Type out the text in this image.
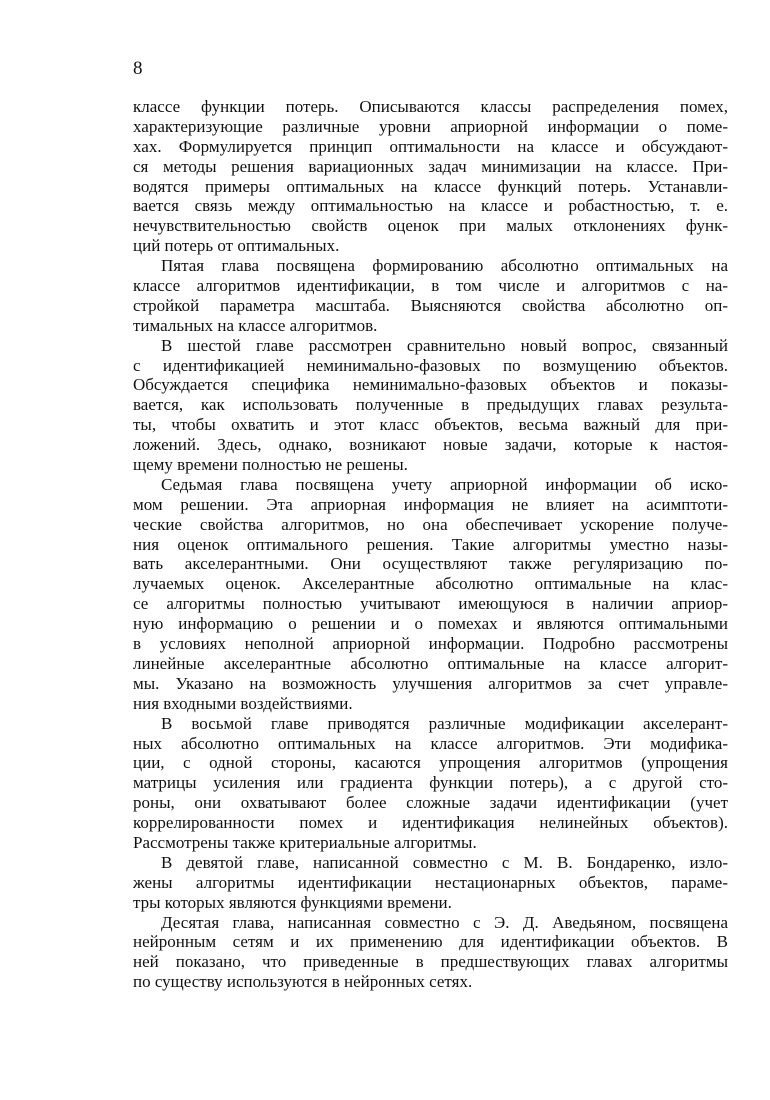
8
классе функции потерь. Описываются классы распределения помех,
характеризующие различные уровни априорной информации о поме-
хах. Формулируется принцип оптимальности на классе и обсуждают-
ся методы решения вариационных задач минимизации на классе. При-
водятся примеры оптимальных на классе функций потерь. Устанавли-
вается связь между оптимальностью на классе и робастностью, т. е.
нечувствительностью свойств оценок при малых отклонениях функ-
ций потерь от оптимальных.
Пятая глава посвящена формированию абсолютно оптимальных на
классе алгоритмов идентификации, в том числе и алгоритмов с на-
стройкой параметра масштаба. Выясняются свойства абсолютно оп-
тимальных на классе алгоритмов.
В шестой главе рассмотрен сравнительно новый вопрос, связанный
с идентификацией неминимально-фазовых по возмущению объектов.
Обсуждается специфика неминимально-фазовых объектов и показы-
вается, как использовать полученные в предыдущих главах результа-
ты, чтобы охватить и этот класс объектов, весьма важный для при-
ложений. Здесь, однако, возникают новые задачи, которые к настоя-
щему времени полностью не решены.
Седьмая глава посвящена учету априорной информации об иско-
мом решении. Эта априорная информация не влияет на асимптоти-
ческие свойства алгоритмов, но она обеспечивает ускорение получе-
ния оценок оптимального решения. Такие алгоритмы уместно назы-
вать акселерантными. Они осуществляют также регуляризацию по-
лучаемых оценок. Акселерантные абсолютно оптимальные на клас-
се алгоритмы полностью учитывают имеющуюся в наличии априор-
ную информацию о решении и о помехах и являются оптимальными
в условиях неполной априорной информации. Подробно рассмотрены
линейные акселерантные абсолютно оптимальные на классе алгорит-
мы. Указано на возможность улучшения алгоритмов за счет управле-
ния входными воздействиями.
В восьмой главе приводятся различные модификации акселерант-
ных абсолютно оптимальных на классе алгоритмов. Эти модифика-
ции, с одной стороны, касаются упрощения алгоритмов (упрощения
матрицы усиления или градиента функции потерь), а с другой сто-
роны, они охватывают более сложные задачи идентификации (учет
коррелированности помех и идентификация нелинейных объектов).
Рассмотрены также критериальные алгоритмы.
В девятой главе, написанной совместно с М. В. Бондаренко, изло-
жены алгоритмы идентификации нестационарных объектов, параме-
тры которых являются функциями времени.
Десятая глава, написанная совместно с Э. Д. Аведьяном, посвящена
нейронным сетям и их применению для идентификации объектов. В
ней показано, что приведенные в предшествующих главах алгоритмы
по существу используются в нейронных сетях.
